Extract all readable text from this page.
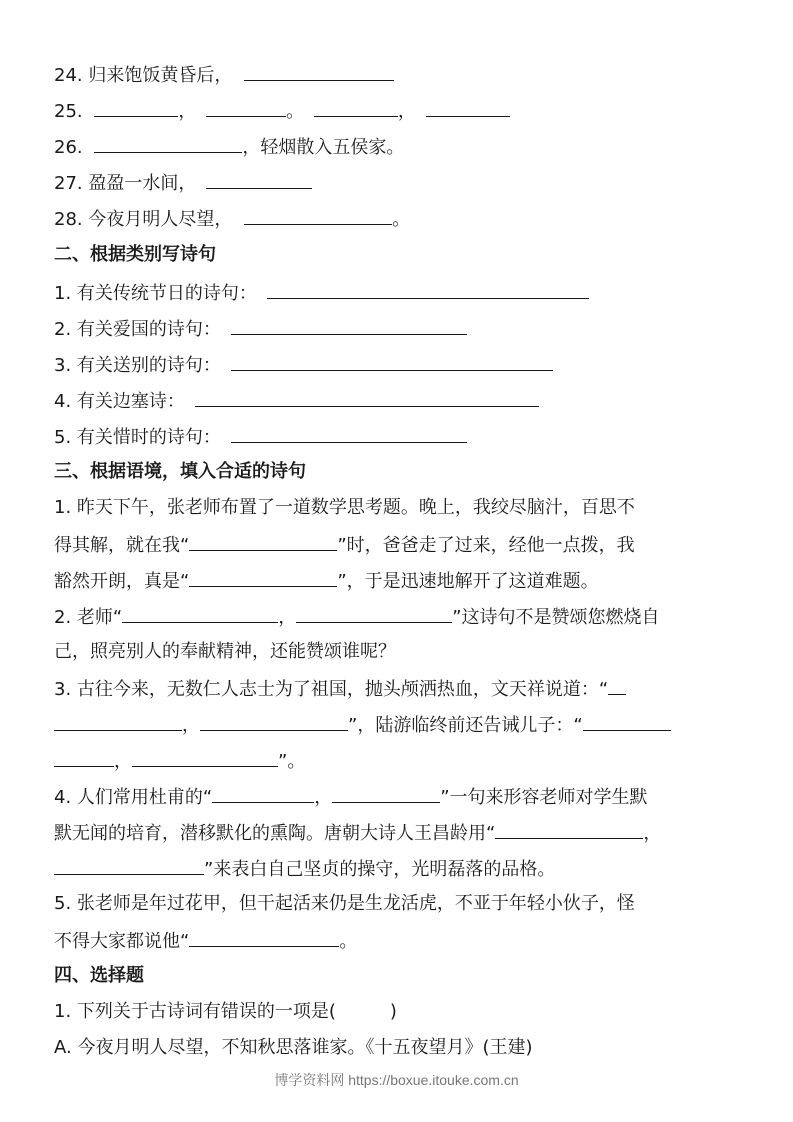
24. 归来饱饭黄昏后，
25.	，	。	，
26.	，轻烟散入五侯家。
27. 盈盈一水间，
28. 今夜月明人尽望，	。
二、根据类别写诗句
1. 有关传统节日的诗句：
2. 有关爱国的诗句：
3. 有关送别的诗句：
4. 有关边塞诗：
5. 有关惜时的诗句：
三、根据语境，填入合适的诗句
1. 昨天下午，张老师布置了一道数学思考题。晚上，我绞尽脑汁，百思不
得其解，就在我“	”时，爸爸走了过来，经他一点拨，我
豁然开朗，真是“	”，于是迅速地解开了这道难题。
2. 老师“	，	”这诗句不是赞颂您燃烧自
己，照亮别人的奉献精神，还能赞颂谁呢？
3. 古往今来，无数仁人志士为了祖国，抛头颅洒热血，文天祥说道：“
，	”，陆游临终前还告诫儿子：“
，	”。
4. 人们常用杜甫的“	，	”一句来形容老师对学生默
默无闻的培育，潜移默化的熏陶。唐朝大诗人王昌龄用“	，
”来表白自己坚贞的操守，光明磊落的品格。
5. 张老师是年过花甲，但干起活来仍是生龙活虎，不亚于年轻小伙子，怪
不得大家都说他“	。
四、选择题
1. 下列关于古诗词有错误的一项是(　　　)
A. 今夜月明人尽望，不知秋思落谁家。《十五夜望月》(王建)
博学资料网 https://boxue.itouke.com.cn
